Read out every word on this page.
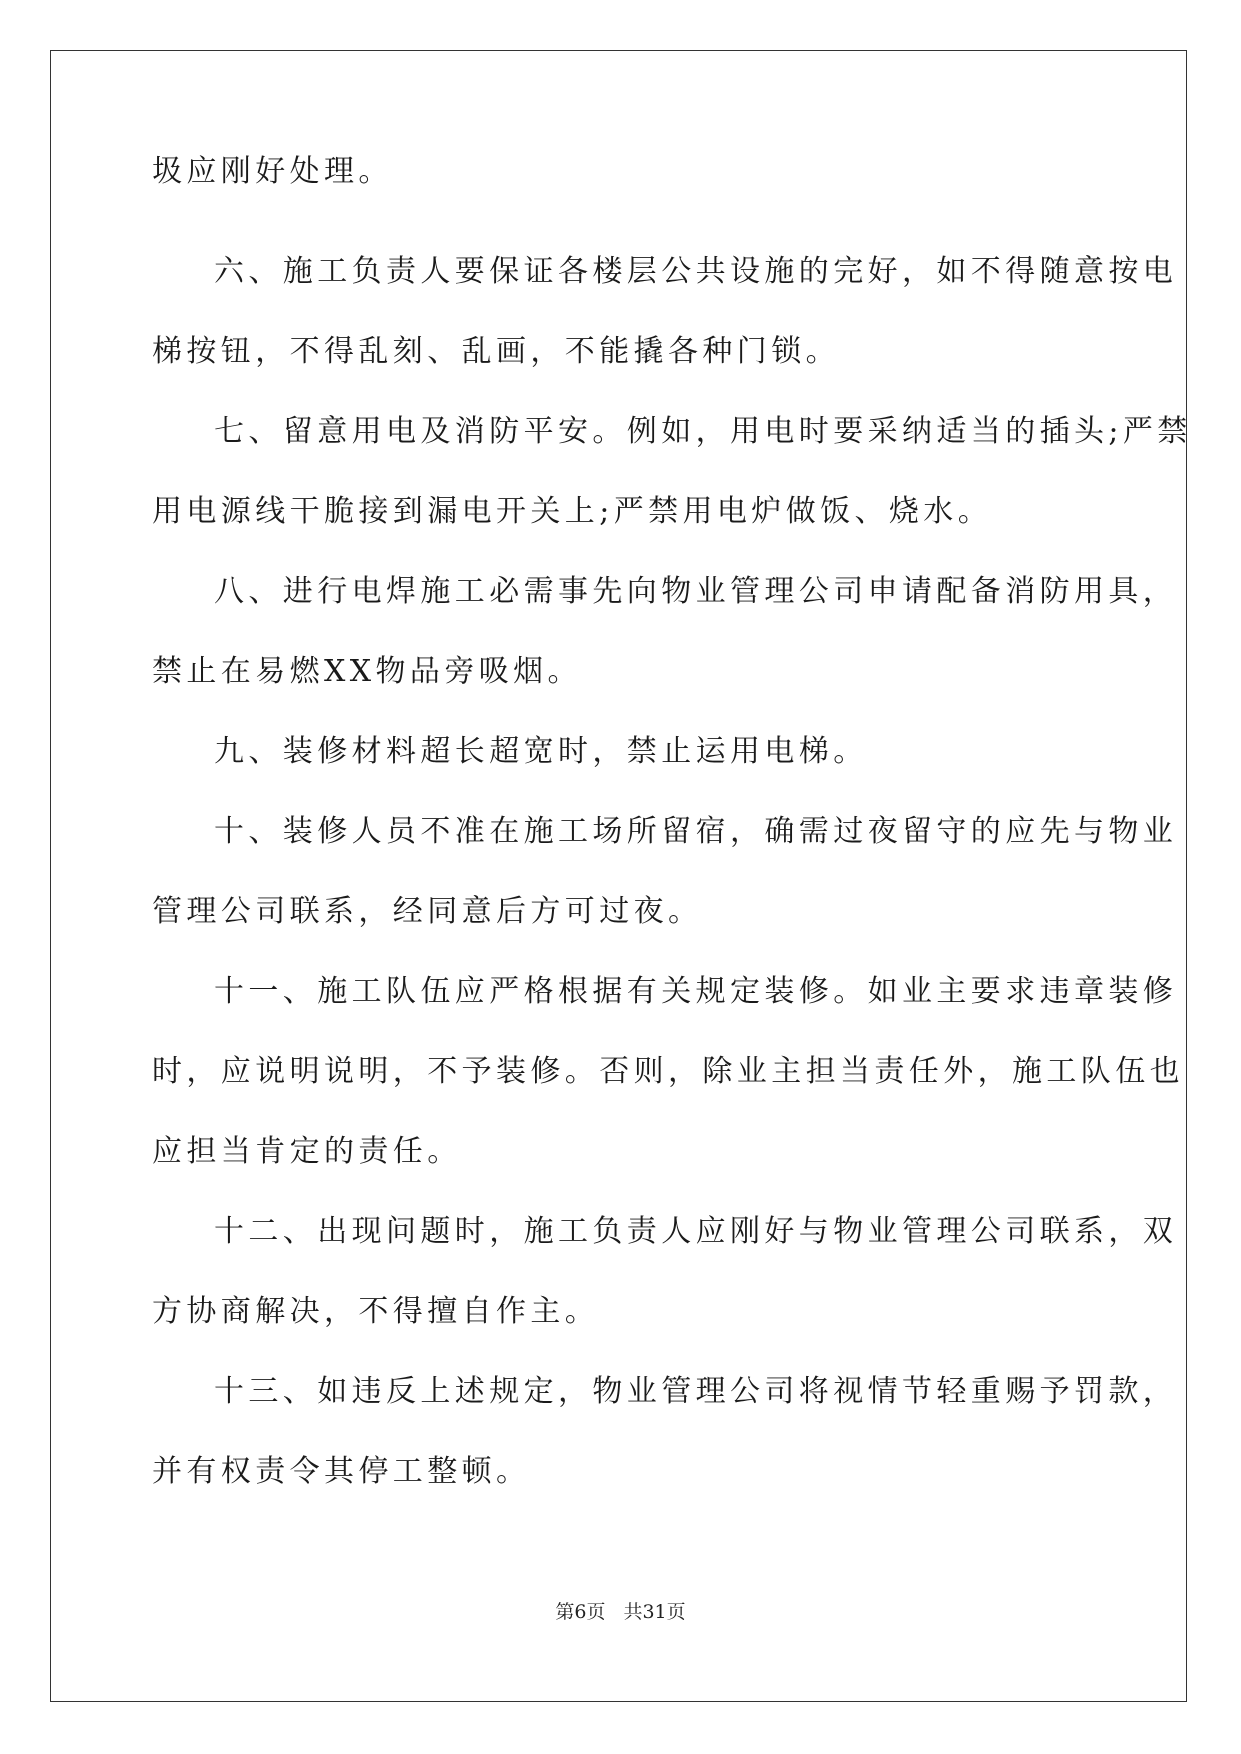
圾应刚好处理。
六、施工负责人要保证各楼层公共设施的完好，如不得随意按电
梯按钮，不得乱刻、乱画，不能撬各种门锁。
七、留意用电及消防平安。例如，用电时要采纳适当的插头;严禁
用电源线干脆接到漏电开关上;严禁用电炉做饭、烧水。
八、进行电焊施工必需事先向物业管理公司申请配备消防用具，
禁止在易燃XX物品旁吸烟。
九、装修材料超长超宽时，禁止运用电梯。
十、装修人员不准在施工场所留宿，确需过夜留守的应先与物业
管理公司联系，经同意后方可过夜。
十一、施工队伍应严格根据有关规定装修。如业主要求违章装修
时，应说明说明，不予装修。否则，除业主担当责任外，施工队伍也
应担当肯定的责任。
十二、出现问题时，施工负责人应刚好与物业管理公司联系，双
方协商解决，不得擅自作主。
十三、如违反上述规定，物业管理公司将视情节轻重赐予罚款，
并有权责令其停工整顿。
第6页 共31页
